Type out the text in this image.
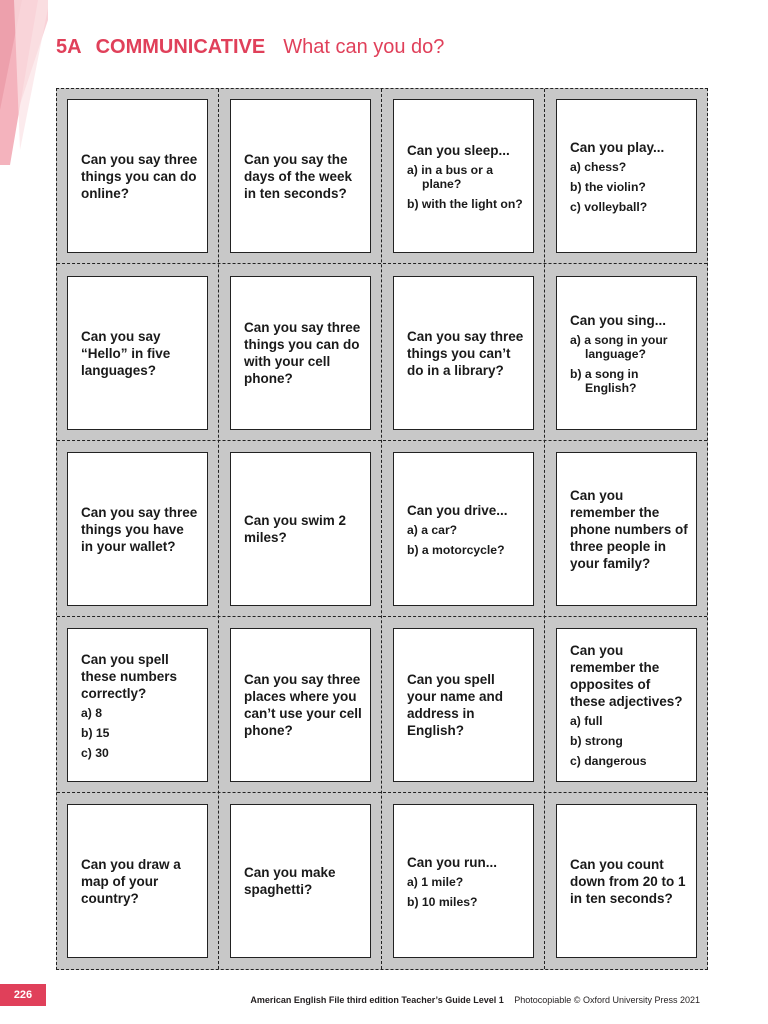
5A COMMUNICATIVE What can you do?
Can you say three things you can do online?
Can you say the days of the week in ten seconds?
Can you sleep...
a) in a bus or a plane?
b) with the light on?
Can you play...
a) chess?
b) the violin?
c) volleyball?
Can you say “Hello” in five languages?
Can you say three things you can do with your cell phone?
Can you say three things you can’t do in a library?
Can you sing...
a) a song in your language?
b) a song in English?
Can you say three things you have in your wallet?
Can you swim 2 miles?
Can you drive...
a) a car?
b) a motorcycle?
Can you remember the phone numbers of three people in your family?
Can you spell these numbers correctly?
a) 8
b) 15
c) 30
Can you say three places where you can’t use your cell phone?
Can you spell your name and address in English?
Can you remember the opposites of these adjectives?
a) full
b) strong
c) dangerous
Can you draw a map of your country?
Can you make spaghetti?
Can you run...
a) 1 mile?
b) 10 miles?
Can you count down from 20 to 1 in ten seconds?
226	American English File third edition Teacher’s Guide Level 1 Photocopiable © Oxford University Press 2021
